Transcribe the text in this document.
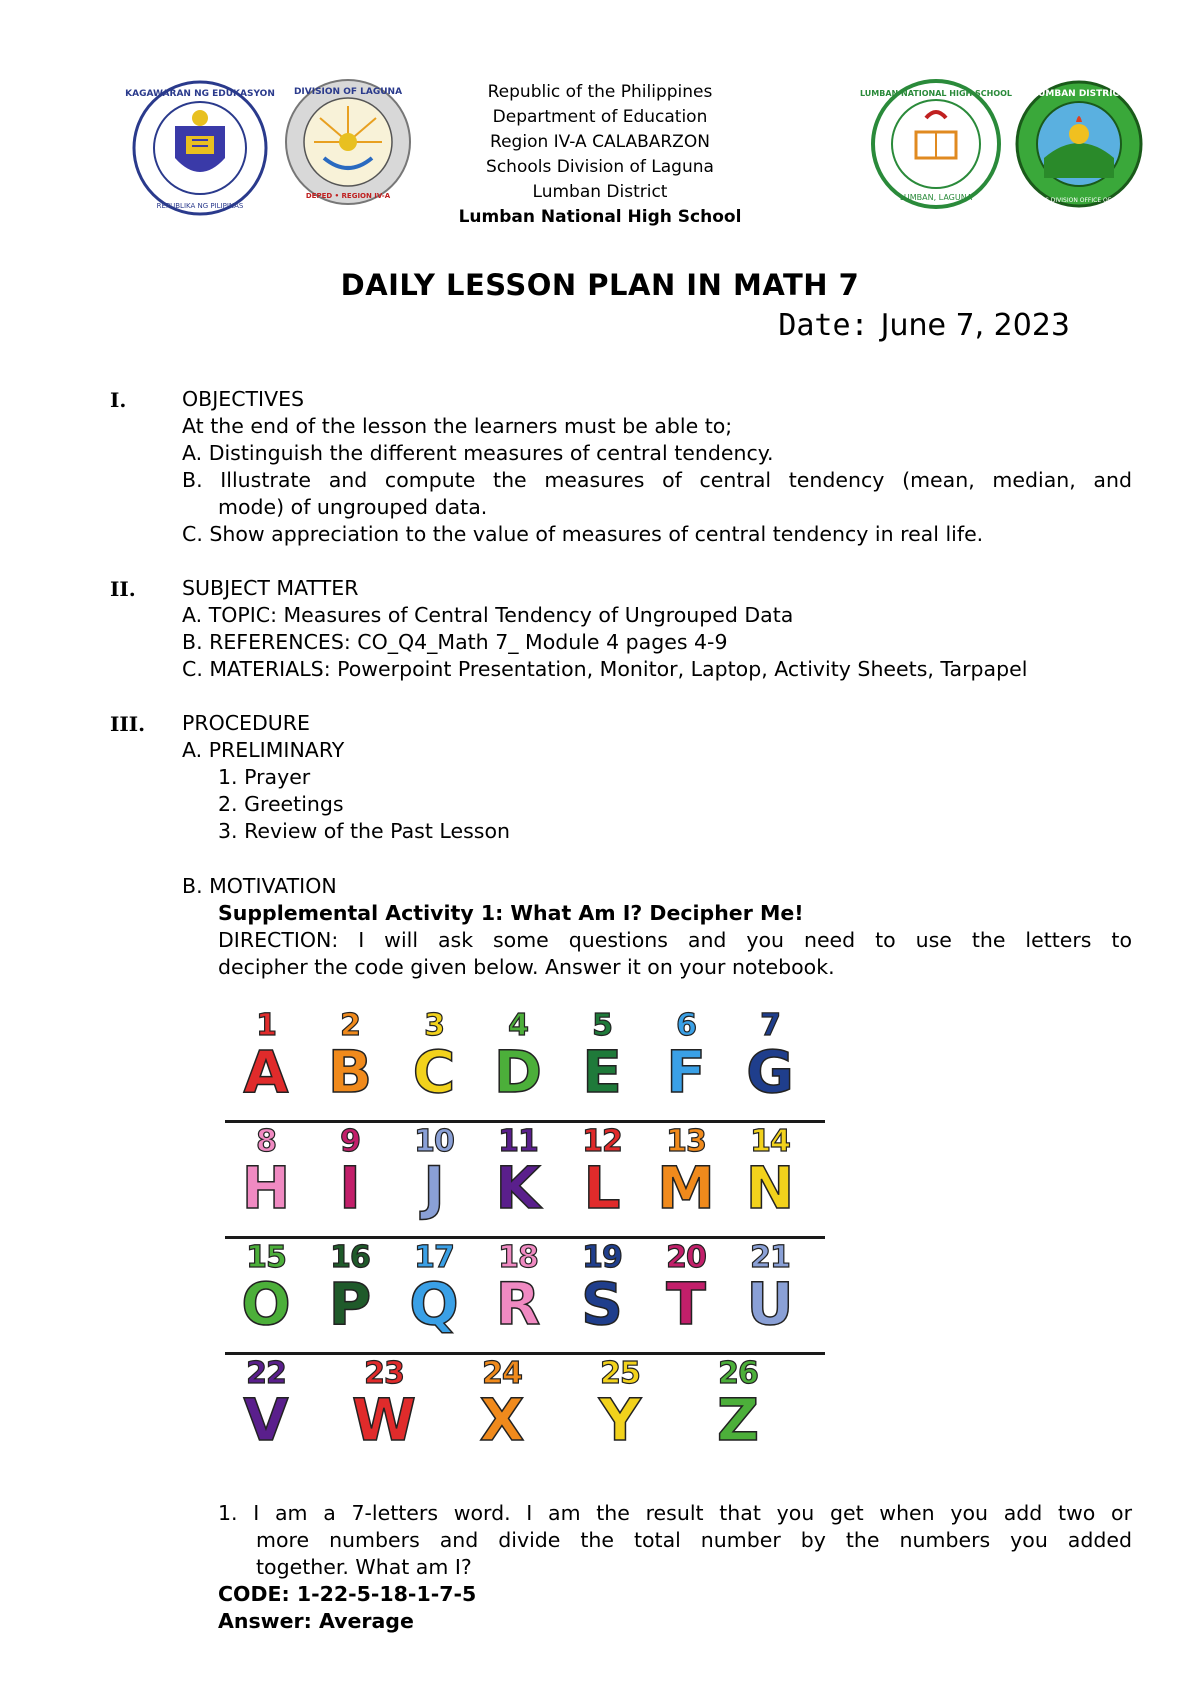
KAGAWARAN NG EDUKASYON
REPUBLIKA NG PILIPINAS
DIVISION OF LAGUNA
DEPED • REGION IV-A
LUMBAN NATIONAL HIGH SCHOOL
LUMBAN, LAGUNA
LUMBAN DISTRICT
SCHOOLS DIVISION OFFICE OF LAGUNA
Republic of the Philippines
Department of Education
Region IV-A CALABARZON
Schools Division of Laguna
Lumban District
Lumban National High School
DAILY LESSON PLAN IN MATH 7
Date: June 7, 2023
I.	OBJECTIVES
At the end of the lesson the learners must be able to;
A. Distinguish the different measures of central tendency.
B. Illustrate and compute the measures of central tendency (mean, median, and
mode) of ungrouped data.
C. Show appreciation to the value of measures of central tendency in real life.
II. SUBJECT MATTER
A. TOPIC: Measures of Central Tendency of Ungrouped Data
B. REFERENCES: CO_Q4_Math 7_ Module 4 pages 4-9
C. MATERIALS: Powerpoint Presentation, Monitor, Laptop, Activity Sheets, Tarpapel
III. PROCEDURE
A. PRELIMINARY
1. Prayer
2. Greetings
3. Review of the Past Lesson
B. MOTIVATION
Supplemental Activity 1: What Am I? Decipher Me!
DIRECTION: I will ask some questions and you need to use the letters to
decipher the code given below. Answer it on your notebook.
1
A
2
B
3
C
4
D
5
E
6
F
7
G
8
H
9
I
10
J
11
K
12
L
13
M
14
N
15
O
16
P
17
Q
18
R
19
S
20
T
21
U
22
V
23
W
24
X
25
Y
26
Z
1. I am a 7-letters word. I am the result that you get when you add two or
more numbers and divide the total number by the numbers you added
together. What am I?
CODE: 1-22-5-18-1-7-5
Answer: Average
